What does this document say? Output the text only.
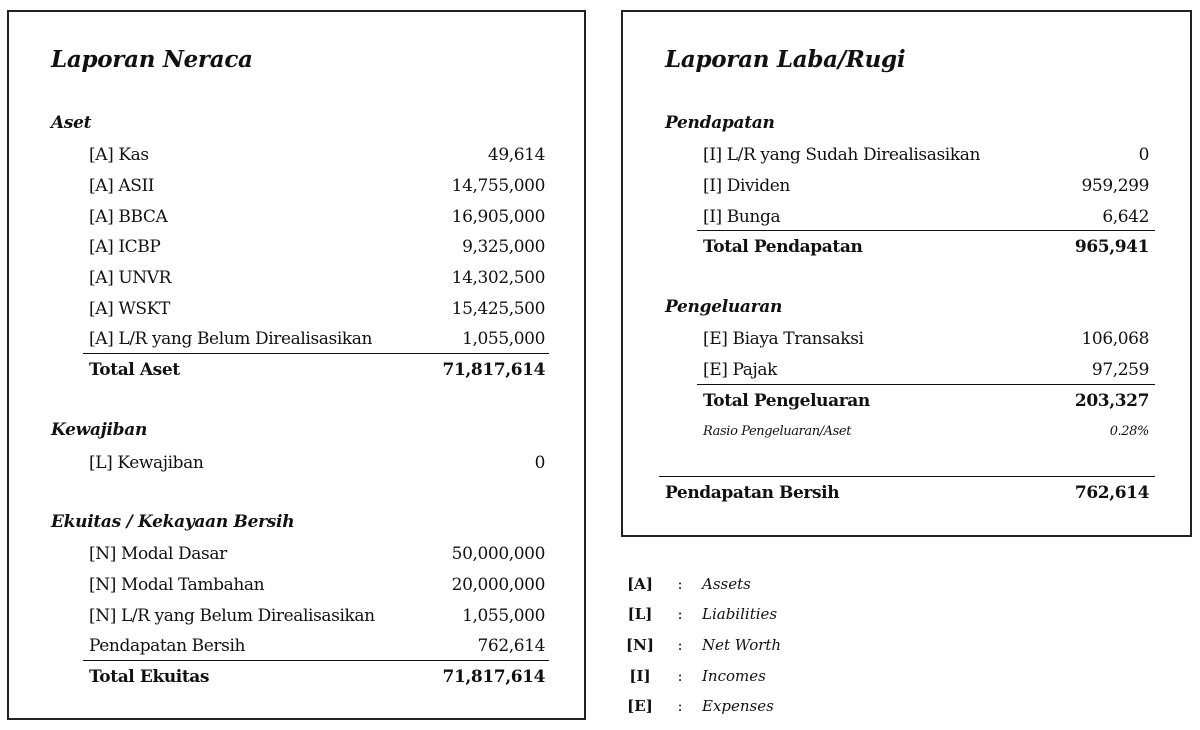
Laporan Neraca
Aset
[A] Kas	49,614
[A] ASII	14,755,000
[A] BBCA	16,905,000
[A] ICBP	9,325,000
[A] UNVR	14,302,500
[A] WSKT	15,425,500
[A] L/R yang Belum Direalisasikan	1,055,000
Total Aset	71,817,614
Kewajiban
[L] Kewajiban	0
Ekuitas / Kekayaan Bersih
[N] Modal Dasar	50,000,000
[N] Modal Tambahan	20,000,000
[N] L/R yang Belum Direalisasikan	1,055,000
Pendapatan Bersih	762,614
Total Ekuitas	71,817,614
Laporan Laba/Rugi
Pendapatan
[I] L/R yang Sudah Direalisasikan	0
[I] Dividen	959,299
[I] Bunga	6,642
Total Pendapatan	965,941
Pengeluaran
[E] Biaya Transaksi	106,068
[E] Pajak	97,259
Total Pengeluaran	203,327
Rasio Pengeluaran/Aset	0.28%
Pendapatan Bersih	762,614
[A]	:	Assets
[L]	:	Liabilities
[N]	:	Net Worth
[I]	:	Incomes
[E]	:	Expenses
